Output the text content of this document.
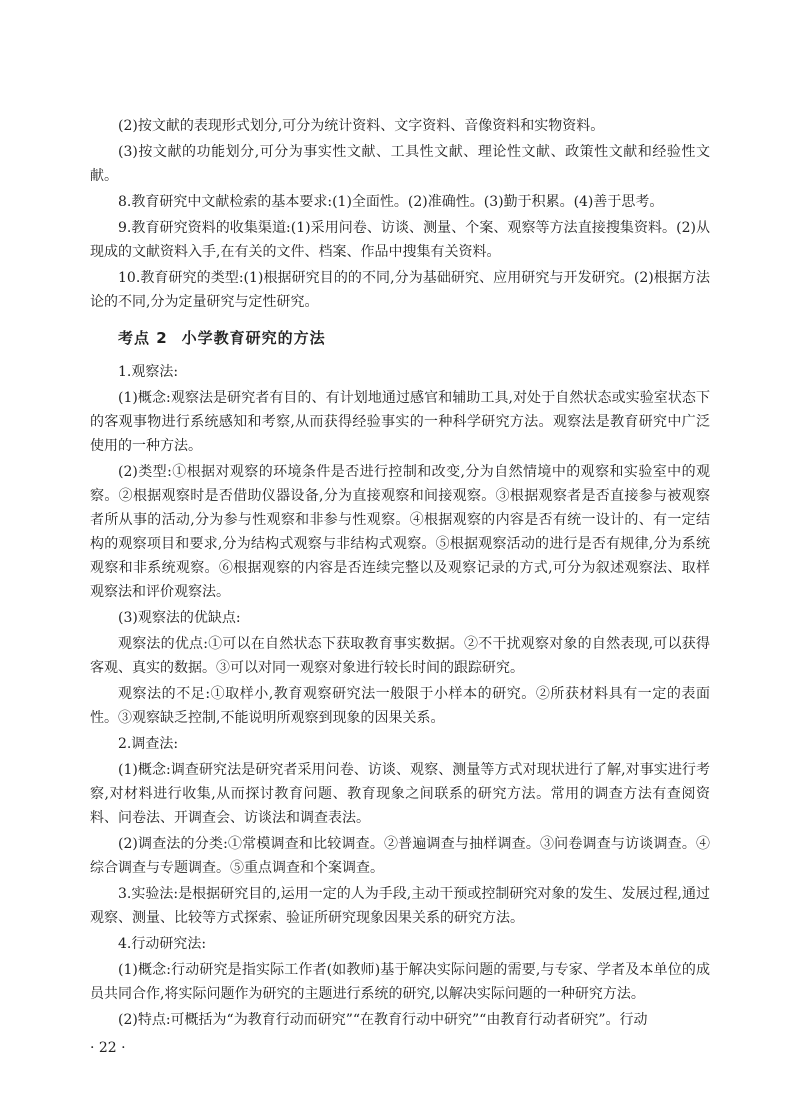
(2)按文献的表现形式划分,可分为统计资料、文字资料、音像资料和实物资料。

(3)按文献的功能划分,可分为事实性文献、工具性文献、理论性文献、政策性文献和经验性文献。

8.教育研究中文献检索的基本要求:(1)全面性。(2)准确性。(3)勤于积累。(4)善于思考。

9.教育研究资料的收集渠道:(1)采用问卷、访谈、测量、个案、观察等方法直接搜集资料。(2)从现成的文献资料入手,在有关的文件、档案、作品中搜集有关资料。

10.教育研究的类型:(1)根据研究目的的不同,分为基础研究、应用研究与开发研究。(2)根据方法论的不同,分为定量研究与定性研究。

考点 2 小学教育研究的方法

1.观察法:

(1)概念:观察法是研究者有目的、有计划地通过感官和辅助工具,对处于自然状态或实验室状态下的客观事物进行系统感知和考察,从而获得经验事实的一种科学研究方法。观察法是教育研究中广泛使用的一种方法。

(2)类型:①根据对观察的环境条件是否进行控制和改变,分为自然情境中的观察和实验室中的观察。②根据观察时是否借助仪器设备,分为直接观察和间接观察。③根据观察者是否直接参与被观察者所从事的活动,分为参与性观察和非参与性观察。④根据观察的内容是否有统一设计的、有一定结构的观察项目和要求,分为结构式观察与非结构式观察。⑤根据观察活动的进行是否有规律,分为系统观察和非系统观察。⑥根据观察的内容是否连续完整以及观察记录的方式,可分为叙述观察法、取样观察法和评价观察法。

(3)观察法的优缺点:

观察法的优点:①可以在自然状态下获取教育事实数据。②不干扰观察对象的自然表现,可以获得客观、真实的数据。③可以对同一观察对象进行较长时间的跟踪研究。

观察法的不足:①取样小,教育观察研究法一般限于小样本的研究。②所获材料具有一定的表面性。③观察缺乏控制,不能说明所观察到现象的因果关系。

2.调查法:

(1)概念:调查研究法是研究者采用问卷、访谈、观察、测量等方式对现状进行了解,对事实进行考察,对材料进行收集,从而探讨教育问题、教育现象之间联系的研究方法。常用的调查方法有查阅资料、问卷法、开调查会、访谈法和调查表法。

(2)调查法的分类:①常模调查和比较调查。②普遍调查与抽样调查。③问卷调查与访谈调查。④综合调查与专题调查。⑤重点调查和个案调查。

3.实验法:是根据研究目的,运用一定的人为手段,主动干预或控制研究对象的发生、发展过程,通过观察、测量、比较等方式探索、验证所研究现象因果关系的研究方法。

4.行动研究法:

(1)概念:行动研究是指实际工作者(如教师)基于解决实际问题的需要,与专家、学者及本单位的成员共同合作,将实际问题作为研究的主题进行系统的研究,以解决实际问题的一种研究方法。

(2)特点:可概括为“为教育行动而研究”“在教育行动中研究”“由教育行动者研究”。行动

· 22 ·
